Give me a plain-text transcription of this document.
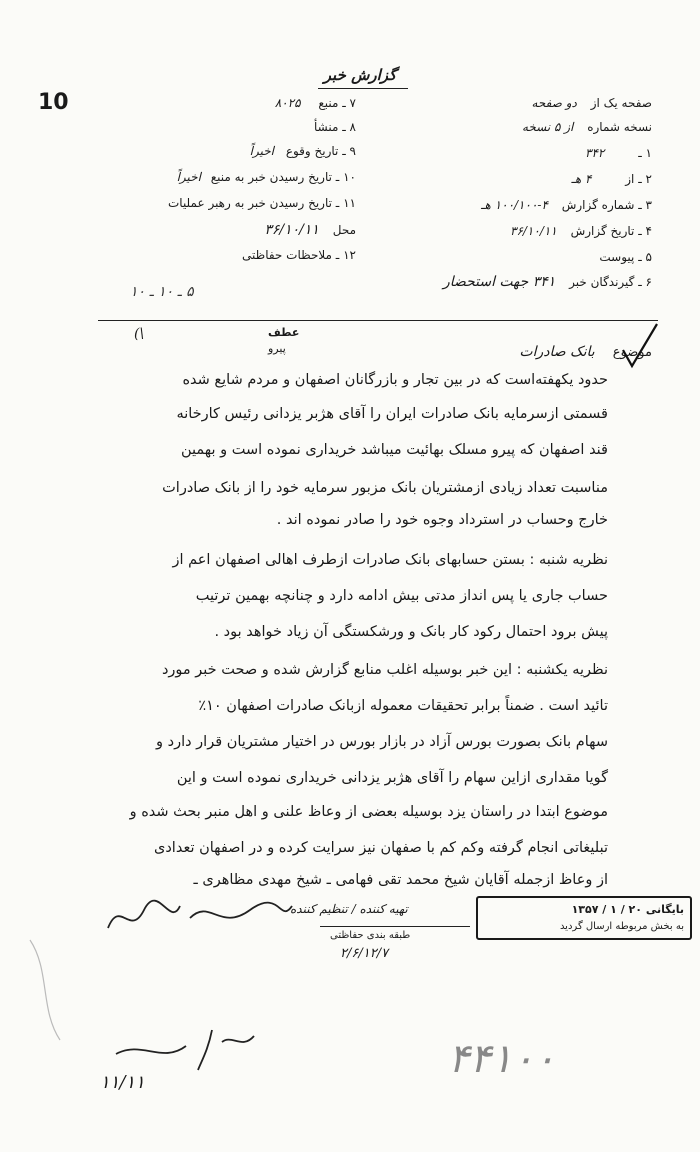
10
گزارش خبر
صفحه یک از دو صفحه
نسخه شماره از ۵ نسخه
۱ ـ ۳۴۲
۲ ـ از ۴ هـ
۳ ـ شماره گزارش ۴-۱۰۰/۱۰۰ هـ
۴ ـ تاریخ گزارش ۳۶/۱۰/۱۱
۵ ـ پیوست
۶ ـ گیرندگان خبر ۳۴۱ جهت استحضار
۷ ـ منبع ۸۰۲۵
۸ ـ منشأ
۹ ـ تاریخ وقوع اخیراً
۱۰ ـ تاریخ رسیدن خبر به منبع اخیراً
۱۱ ـ تاریخ رسیدن خبر به رهبر عملیات
محل ۳۶/۱۰/۱۱
۱۲ ـ ملاحظات حفاظتی
۵ ـ ۱۰ ـ ۱۰
عطف
پیرو
(\
موضوع بانک صادرات
حدود یکهفته‌است که در بین تجار و بازرگانان اصفهان و مردم شایع شده
قسمتی ازسرمایه بانک صادرات ایران را آقای هژبر یزدانی رئیس کارخانه
قند اصفهان که پیرو مسلک بهائیت میباشد خریداری نموده است و بهمین
مناسبت تعداد زیادی ازمشتریان بانک مزبور سرمایه خود را از بانک صادرات
خارج وحساب در استرداد وجوه خود را صادر نموده اند .
نظریه شنبه : بستن حسابهای بانک صادرات ازطرف اهالی اصفهان اعم از
حساب جاری یا پس انداز مدتی بیش ادامه دارد و چنانچه بهمین ترتیب
پیش برود احتمال رکود کار بانک و ورشکستگی آن زیاد خواهد بود .
نظریه یکشنبه : این خبر بوسیله اغلب منابع گزارش شده و صحت خبر مورد
تائید است . ضمناً برابر تحقیقات معموله ازبانک صادرات اصفهان ۱۰٪
سهام بانک بصورت بورس آزاد در بازار بورس در اختیار مشتریان قرار دارد و
گویا مقداری ازاین سهام را آقای هژبر یزدانی خریداری نموده است و این
موضوع ابتدا در راستان یزد بوسیله بعضی از وعاظ علنی و اهل منبر بحث شده و
تبلیغاتی انجام گرفته وکم کم با صفهان نیز سرایت کرده و در اصفهان تعدادی
از وعاظ ازجمله آقایان شیخ محمد تقی فهامی ـ شیخ مهدی مظاهری ـ
تهیه کننده / تنظیم کننده
طبقه بندی حفاظتی
۲/۶/۱۲/۷
بایگانی ۲۰ / ۱ / ۱۳۵۷
به بخش مربوطه ارسال گردید
۴۴۱۰۰
۱۱/۱۱
